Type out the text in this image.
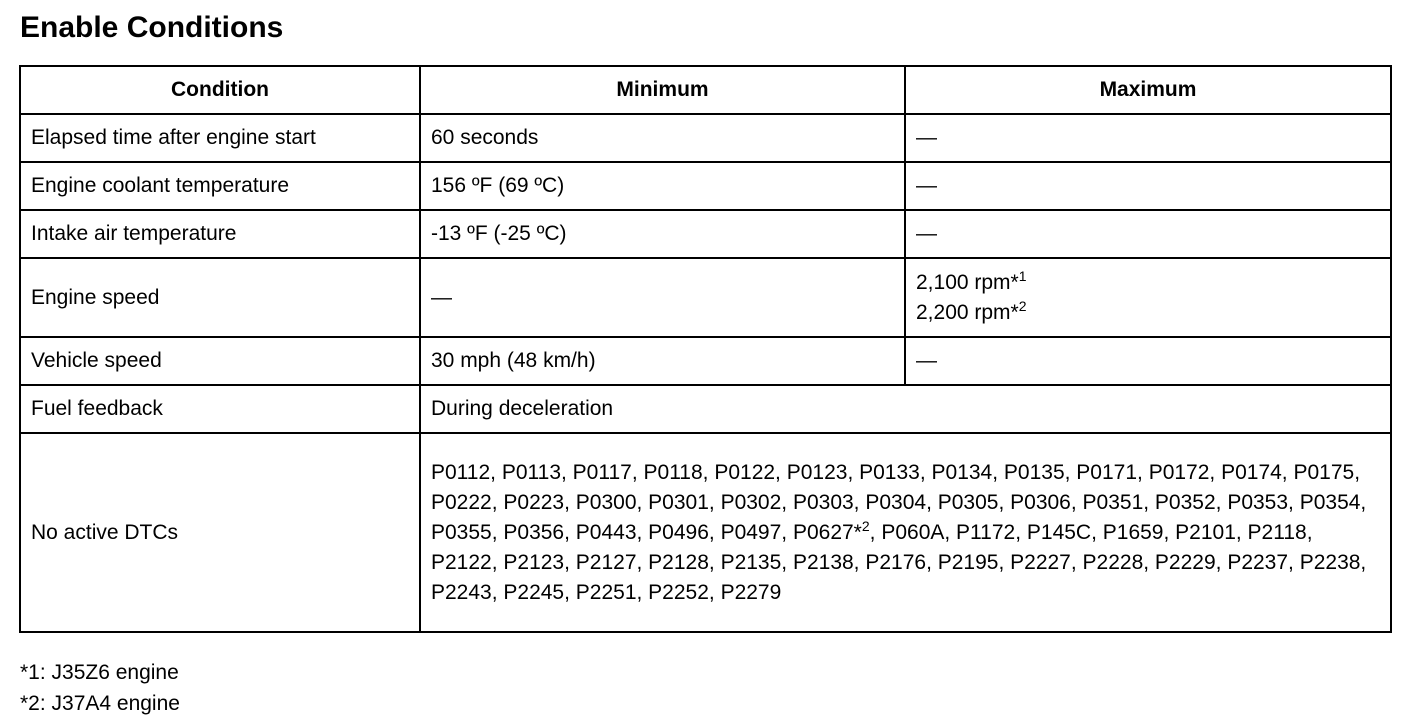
Enable Conditions
Condition	Minimum	Maximum
Elapsed time after engine start	60 seconds	—
Engine coolant temperature	156 ºF (69 ºC)	—
Intake air temperature	-13 ºF (-25 ºC)	—
Engine speed	—	2,100 rpm*$^1$
2,200 rpm*$^2$

Vehicle speed	30 mph (48 km/h)	—
Fuel feedback	During deceleration	
No active DTCs	P0112, P0113, P0117, P0118, P0122, P0123, P0133, P0134, P0135, P0171, P0172, P0174, P0175, P0222, P0223, P0300, P0301, P0302, P0303, P0304, P0305, P0306, P0351, P0352, P0353, P0354, P0355, P0356, P0443, P0496, P0497, P0627*$^2$, P060A, P1172, P145C, P1659, P2101, P2118, P2122, P2123, P2127, P2128, P2135, P2138, P2176, P2195, P2227, P2228, P2229, P2237, P2238, P2243, P2245, P2251, P2252, P2279	
*1: J35Z6 engine
*2: J37A4 engine
